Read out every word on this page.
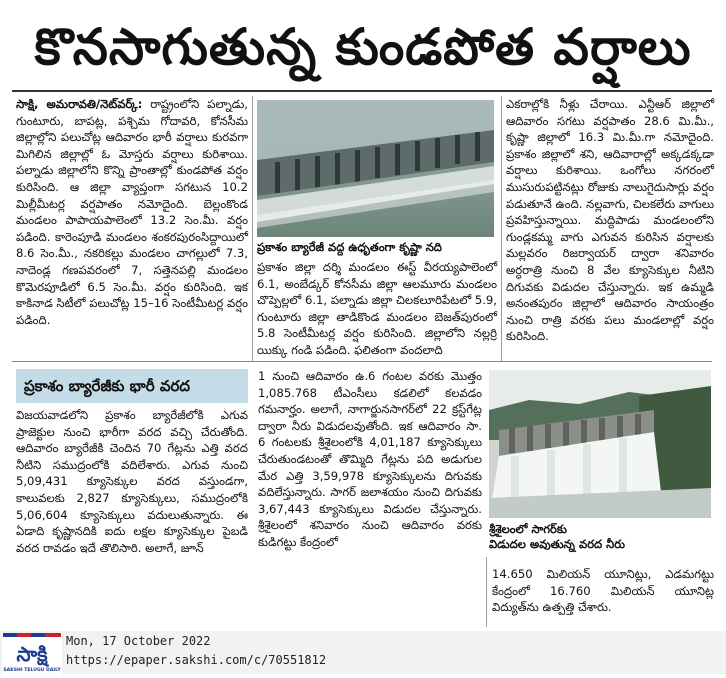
కొనసాగుతున్న కుండపోత వర్షాలు

సాక్షి, అమరావతి/నెట్‌వర్క్‌: రాష్ట్రంలోని పల్నాడు, గుంటూరు, బాపట్ల, పశ్చిమ గోదావరి, కోనసీమ జిల్లాల్లోని పలుచోట్ల ఆదివారం భారీ వర్షాలు కురవగా మిగిలిన జిల్లాల్లో ఓ మోస్తరు వర్షాలు కురిశాయి. పల్నాడు జిల్లాలోని కొన్ని ప్రాంతాల్లో కుండపోత వర్షం కురిసింది. ఆ జిల్లా వ్యాప్తంగా సగటున 10.2 మిల్లీమీటర్ల వర్షపాతం నమోదైంది. బెల్లంకొండ మండలం పాపాయపాలెంలో 13.2 సెం.మీ. వర్షం పడింది. కారెంపూడి మండలం శంకరపురంసిద్దాయిలో 8.6 సెం.మీ., నకరికల్లు మండలం చాగల్లులో 7.3, నాదెండ్ల గణపవరంలో 7, సత్తెనపల్లి మండలం కొమెరపూడిలో 6.5 సెం.మీ. వర్షం కురిసింది. ఇక కాకినాడ సిటీలో పలుచోట్ల 15–16 సెంటీమీటర్ల వర్షం పడింది.

ప్రకాశం బ్యారేజీ వద్ద ఉధృతంగా కృష్ణా నది

ప్రకాశం జిల్లా దర్శి మండలం ఈస్ట్‌ వీరయ్యపాలెంలో 6.1, అంబేడ్కర్‌ కోనసీమ జిల్లా ఆలమూరు మండలం చొప్పెల్లలో 6.1, పల్నాడు జిల్లా చిలకలూరిపేటలో 5.9, గుంటూరు జిల్లా తాడికొండ మండలం బెజత్‌పురంలో 5.8 సెంటీమీటర్ల వర్షం కురిసింది. జిల్లాలోని నల్లర్రి యిక్కు గండి పడింది. ఫలితంగా వందలాది

ఎకరాల్లోకి నీళ్లు చేరాయి. ఎన్టీఆర్‌ జిల్లాలో ఆదివారం సగటు వర్షపాతం 28.6 మి.మీ., కృష్ణా జిల్లాలో 16.3 మి.మీ.గా నమోదైంది. ప్రకాశం జిల్లాలో శని, ఆదివారాల్లో అక్కడక్కడా వర్షాలు కురిశాయి. ఒంగోలు నగరంలో ముసురుపట్టినట్లు రోజుకు నాలుగైదుసార్లు వర్షం పడుతూనే ఉంది. నల్లవాగు, చిలకలేరు వాగులు ప్రవహిస్తున్నాయి. మద్దిపాడు మండలంలోని గుండ్లకమ్మ వాగు ఎగువన కురిసిన వర్షాలకు మల్లవరం రిజర్వాయర్‌ ద్వారా శనివారం అర్ధరాత్రి నుంచి 8 వేల క్యూసెక్కుల నీటిని దిగువకు విడుదల చేస్తున్నారు. ఇక ఉమ్మడి అనంతపురం జిల్లాలో ఆదివారం సాయంత్రం నుంచి రాత్రి వరకు పలు మండలాల్లో వర్షం కురిసింది.

ప్రకాశం బ్యారేజీకు భారీ వరద

విజయవాడలోని ప్రకాశం బ్యారేజీలోకి ఎగువ ప్రాజెక్టుల నుంచి భారీగా వరద వచ్చి చేరుతోంది. ఆదివారం బ్యారేజీకి చెందిన 70 గేట్లను ఎత్తి వరద నీటిని సముద్రంలోకి వదిలేశారు. ఎగువ నుంచి 5,09,431 క్యూసెక్కుల వరద వస్తుండగా, కాలువలకు 2,827 క్యూసెక్కులు, సముద్రంలోకి 5,06,604 క్యూసెక్కులు వదులుతున్నారు. ఈ ఏడాది కృష్ణానదికి ఐదు లక్షల క్యూసెక్కుల పైబడి వరద రావడం ఇదే తొలిసారి. అలాగే, జూన్‌

1 నుంచి ఆదివారం ఉ.6 గంటల వరకు మొత్తం 1,085.768 టీఎంసీలు కడలిలో కలవడం గమనార్హం. అలాగే, నాగార్జునసాగర్‌లో 22 క్రస్ట్‌గేట్ల ద్వారా నీరు విడుదలవుతోంది. ఇక ఆదివారం సా. 6 గంటలకు శ్రీశైలంలోకి 4,01,187 క్యూసెక్కులు చేరుతుండటంతో తొమ్మిది గేట్లను పది అడుగుల మేర ఎత్తి 3,59,978 క్యూసెక్కులను దిగువకు వదిలేస్తున్నారు. సాగర్‌ జలాశయం నుంచి దిగువకు 3,67,443 క్యూసెక్కులు విడుదల చేస్తున్నారు. శ్రీశైలంలో శనివారం నుంచి ఆదివారం వరకు కుడిగట్టు కేంద్రంలో

శ్రీశైలంలో సాగర్‌కు
విడుదల అవుతున్న వరద నీరు

14.650 మిలియన్‌ యూనిట్లు, ఎడమగట్టు కేంద్రంలో 16.760 మిలియన్‌ యూనిట్ల విద్యుత్‌ను ఉత్పత్తి చేశారు.

సాక్షి
SAKSHI TELUGU DAILY
Mon, 17 October 2022
https://epaper.sakshi.com/c/70551812
